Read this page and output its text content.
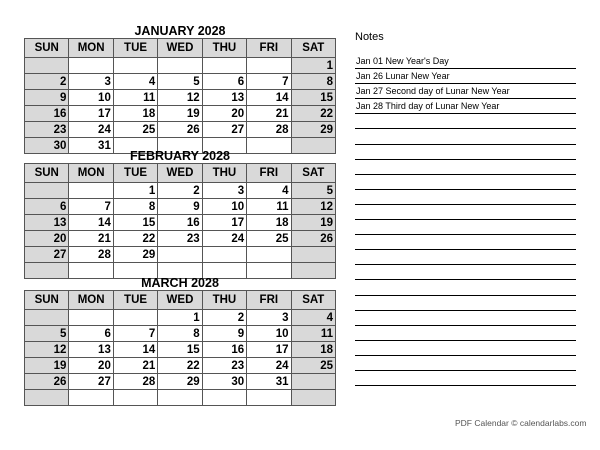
JANUARY 2028
SUN	MON	TUE	WED	THU	FRI	SAT
						1
2	3	4	5	6	7	8
9	10	11	12	13	14	15
16	17	18	19	20	21	22
23	24	25	26	27	28	29
30	31					
FEBRUARY 2028
SUN	MON	TUE	WED	THU	FRI	SAT
		1	2	3	4	5
6	7	8	9	10	11	12
13	14	15	16	17	18	19
20	21	22	23	24	25	26
27	28	29				

MARCH 2028
SUN	MON	TUE	WED	THU	FRI	SAT
			1	2	3	4
5	6	7	8	9	10	11
12	13	14	15	16	17	18
19	20	21	22	23	24	25
26	27	28	29	30	31	

Notes
Jan 01 New Year's Day
Jan 26 Lunar New Year
Jan 27 Second day of Lunar New Year
Jan 28 Third day of Lunar New Year
PDF Calendar © calendarlabs.com
